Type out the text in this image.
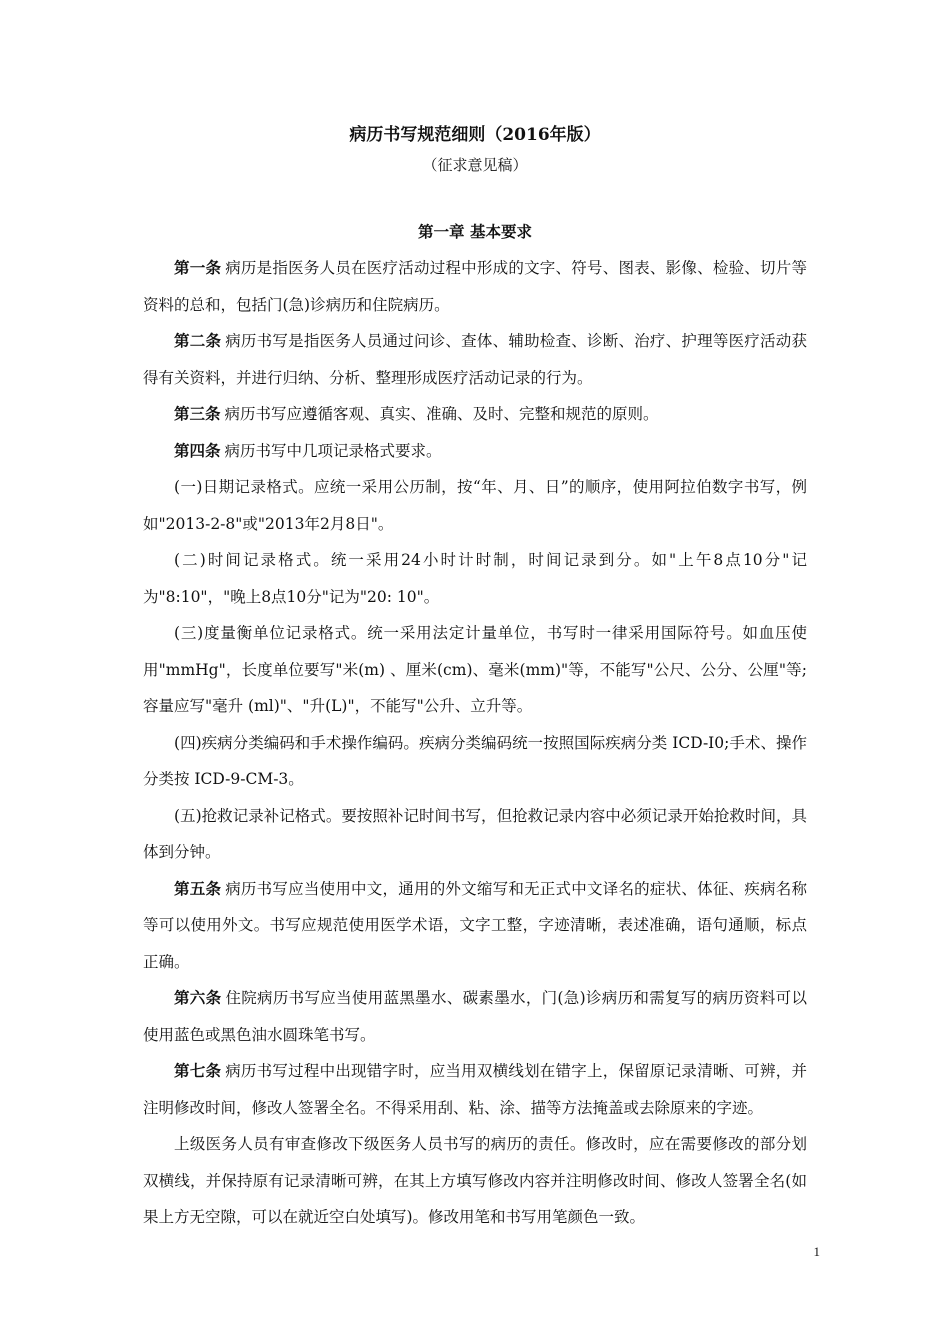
病历书写规范细则（2016年版）
（征求意见稿）
第一章 基本要求

第一条 病历是指医务人员在医疗活动过程中形成的文字、符号、图表、影像、检验、切片等资料的总和，包括门(急)诊病历和住院病历。

第二条 病历书写是指医务人员通过问诊、查体、辅助检查、诊断、治疗、护理等医疗活动获得有关资料，并进行归纳、分析、整理形成医疗活动记录的行为。

第三条 病历书写应遵循客观、真实、准确、及时、完整和规范的原则。

第四条 病历书写中几项记录格式要求。

(一)日期记录格式。应统一采用公历制，按“年、月、日”的顺序，使用阿拉伯数字书写，例如"2013-2-8"或"2013年2月8日"。

(二)时间记录格式。统一采用24小时计时制，时间记录到分。如"上午8点10分"记为"8:10"，"晚上8点10分"记为"20: 10"。

(三)度量衡单位记录格式。统一采用法定计量单位，书写时一律采用国际符号。如血压使用"mmHg"，长度单位要写"米(m) 、厘米(cm)、毫米(mm)"等，不能写"公尺、公分、公厘"等;容量应写"毫升 (ml)"、"升(L)"，不能写"公升、立升等。

(四)疾病分类编码和手术操作编码。疾病分类编码统一按照国际疾病分类 ICD-I0;手术、操作分类按 ICD-9-CM-3。

(五)抢救记录补记格式。要按照补记时间书写，但抢救记录内容中必须记录开始抢救时间，具体到分钟。

第五条 病历书写应当使用中文，通用的外文缩写和无正式中文译名的症状、体征、疾病名称等可以使用外文。书写应规范使用医学术语，文字工整，字迹清晰，表述准确，语句通顺，标点正确。

第六条 住院病历书写应当使用蓝黑墨水、碳素墨水，门(急)诊病历和需复写的病历资料可以使用蓝色或黑色油水圆珠笔书写。

第七条 病历书写过程中出现错字时，应当用双横线划在错字上，保留原记录清晰、可辨，并注明修改时间，修改人签署全名。不得采用刮、粘、涂、描等方法掩盖或去除原来的字迹。

上级医务人员有审查修改下级医务人员书写的病历的责任。修改时，应在需要修改的部分划双横线，并保持原有记录清晰可辨，在其上方填写修改内容并注明修改时间、修改人签署全名(如果上方无空隙，可以在就近空白处填写)。修改用笔和书写用笔颜色一致。

1
